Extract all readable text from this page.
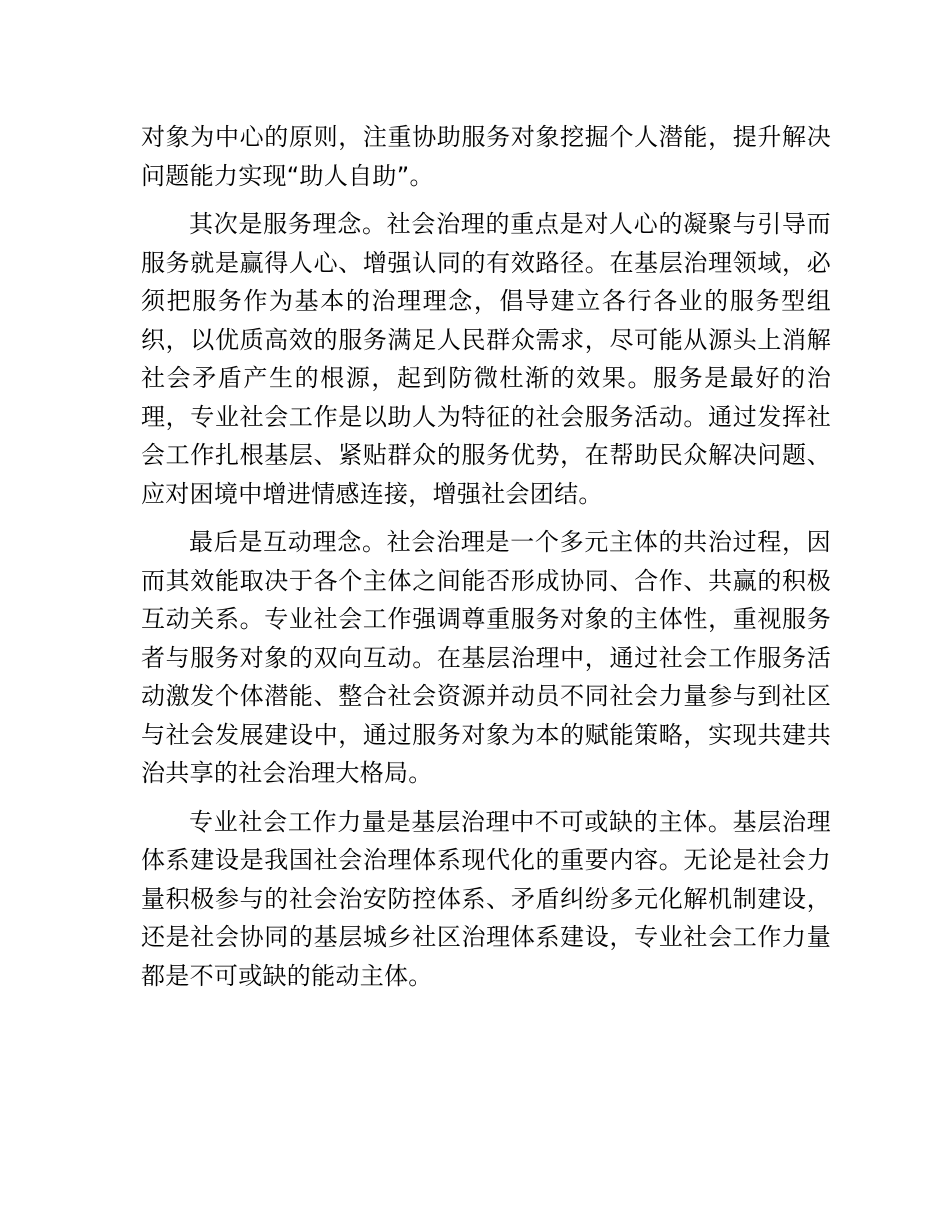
对象为中心的原则，注重协助服务对象挖掘个人潜能，提升解决问题能力实现“助人自助”。

其次是服务理念。社会治理的重点是对人心的凝聚与引导而服务就是赢得人心、增强认同的有效路径。在基层治理领域，必须把服务作为基本的治理理念，倡导建立各行各业的服务型组织，以优质高效的服务满足人民群众需求，尽可能从源头上消解社会矛盾产生的根源，起到防微杜渐的效果。服务是最好的治理，专业社会工作是以助人为特征的社会服务活动。通过发挥社会工作扎根基层、紧贴群众的服务优势，在帮助民众解决问题、应对困境中增进情感连接，增强社会团结。

最后是互动理念。社会治理是一个多元主体的共治过程，因而其效能取决于各个主体之间能否形成协同、合作、共赢的积极互动关系。专业社会工作强调尊重服务对象的主体性，重视服务者与服务对象的双向互动。在基层治理中，通过社会工作服务活动激发个体潜能、整合社会资源并动员不同社会力量参与到社区与社会发展建设中，通过服务对象为本的赋能策略，实现共建共治共享的社会治理大格局。

专业社会工作力量是基层治理中不可或缺的主体。基层治理体系建设是我国社会治理体系现代化的重要内容。无论是社会力量积极参与的社会治安防控体系、矛盾纠纷多元化解机制建设，还是社会协同的基层城乡社区治理体系建设，专业社会工作力量都是不可或缺的能动主体。
